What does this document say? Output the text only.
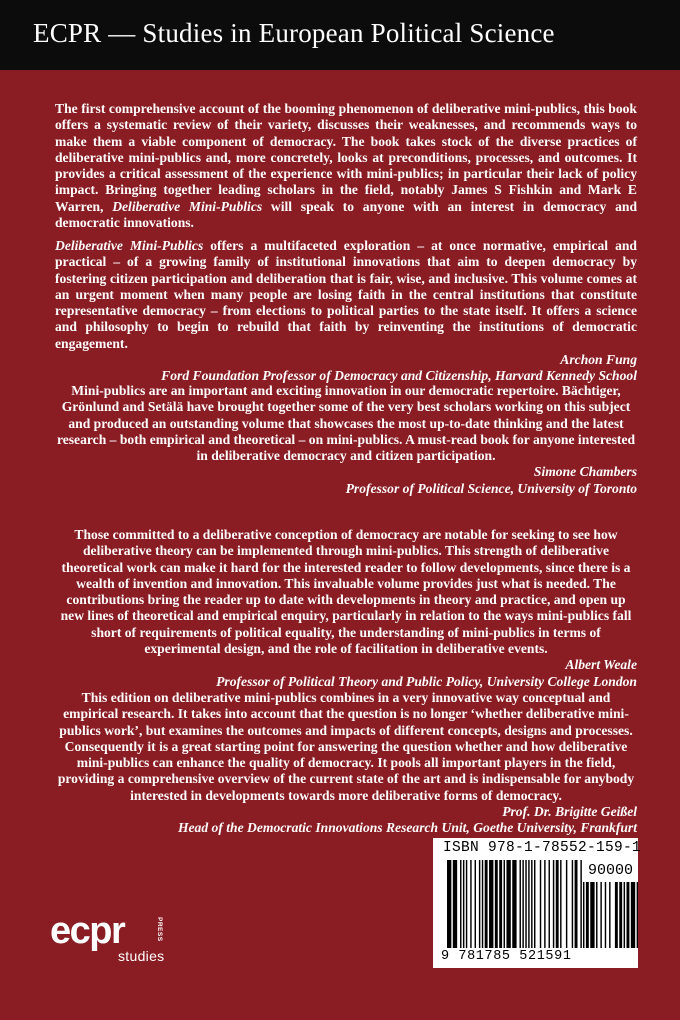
ECPR — Studies in European Political Science

The first comprehensive account of the booming phenomenon of deliberative mini-publics, this book offers a systematic review of their variety, discusses their weaknesses, and recommends ways to make them a viable component of democracy. The book takes stock of the diverse practices of deliberative mini-publics and, more concretely, looks at preconditions, processes, and outcomes. It provides a critical assessment of the experience with mini-publics; in particular their lack of policy impact. Bringing together leading scholars in the field, notably James S Fishkin and Mark E Warren, Deliberative Mini-Publics will speak to anyone with an interest in democracy and democratic innovations.

Deliberative Mini-Publics offers a multifaceted exploration – at once normative, empirical and practical – of a growing family of institutional innovations that aim to deepen democracy by fostering citizen participation and deliberation that is fair, wise, and inclusive. This volume comes at an urgent moment when many people are losing faith in the central institutions that constitute representative democracy – from elections to political parties to the state itself. It offers a science and philosophy to begin to rebuild that faith by reinventing the institutions of democratic engagement.

Archon Fung

Ford Foundation Professor of Democracy and Citizenship, Harvard Kennedy School

Mini-publics are an important and exciting innovation in our democratic repertoire. Bächtiger, Grönlund and Setälä have brought together some of the very best scholars working on this subject and produced an outstanding volume that showcases the most up-to-date thinking and the latest research – both empirical and theoretical – on mini-publics. A must-read book for anyone interested in deliberative democracy and citizen participation.

Simone Chambers

Professor of Political Science, University of Toronto

Those committed to a deliberative conception of democracy are notable for seeking to see how deliberative theory can be implemented through mini-publics. This strength of deliberative theoretical work can make it hard for the interested reader to follow developments, since there is a wealth of invention and innovation. This invaluable volume provides just what is needed. The contributions bring the reader up to date with developments in theory and practice, and open up new lines of theoretical and empirical enquiry, particularly in relation to the ways mini-publics fall short of requirements of political equality, the understanding of mini-publics in terms of experimental design, and the role of facilitation in deliberative events.

Albert Weale

Professor of Political Theory and Public Policy, University College London

This edition on deliberative mini-publics combines in a very innovative way conceptual and empirical research. It takes into account that the question is no longer ‘whether deliberative mini-publics work’, but examines the outcomes and impacts of different concepts, designs and processes. Consequently it is a great starting point for answering the question whether and how deliberative mini-publics can enhance the quality of democracy. It pools all important players in the field, providing a comprehensive overview of the current state of the art and is indispensable for anybody interested in developments towards more deliberative forms of democracy.

Prof. Dr. Brigitte Geißel

Head of the Democratic Innovations Research Unit, Goethe University, Frankfurt

ISBN 978-1-78552-159-1
90000
9 781785 521591
ecpr	PRESS
studies
